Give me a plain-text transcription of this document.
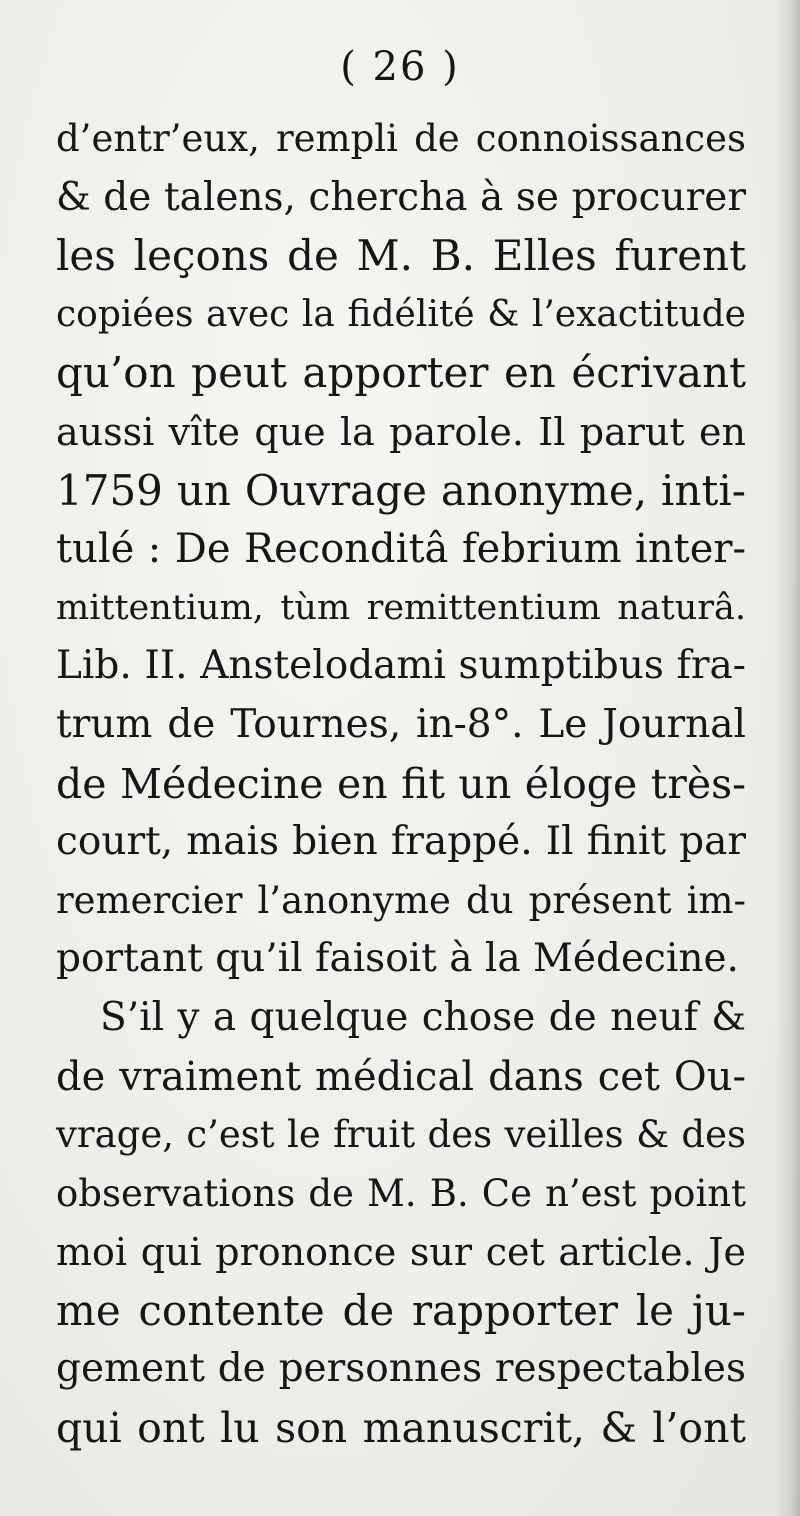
( 26 )
d’entr’eux, rempli de connoissances
& de talens, chercha à se procurer
les leçons de M. B. Elles furent
copiées avec la fidélité & l’exactitude
qu’on peut apporter en écrivant
aussi vîte que la parole. Il parut en
1759 un Ouvrage anonyme, inti-
tulé : De Reconditâ febrium inter-
mittentium, tùm remittentium naturâ.
Lib. II. Anstelodami sumptibus fra-
trum de Tournes, in-8°. Le Journal
de Médecine en fit un éloge très-
court, mais bien frappé. Il finit par
remercier l’anonyme du présent im-
portant qu’il faisoit à la Médecine.
S’il y a quelque chose de neuf &
de vraiment médical dans cet Ou-
vrage, c’est le fruit des veilles & des
observations de M. B. Ce n’est point
moi qui prononce sur cet article. Je
me contente de rapporter le ju-
gement de personnes respectables
qui ont lu son manuscrit, & l’ont
